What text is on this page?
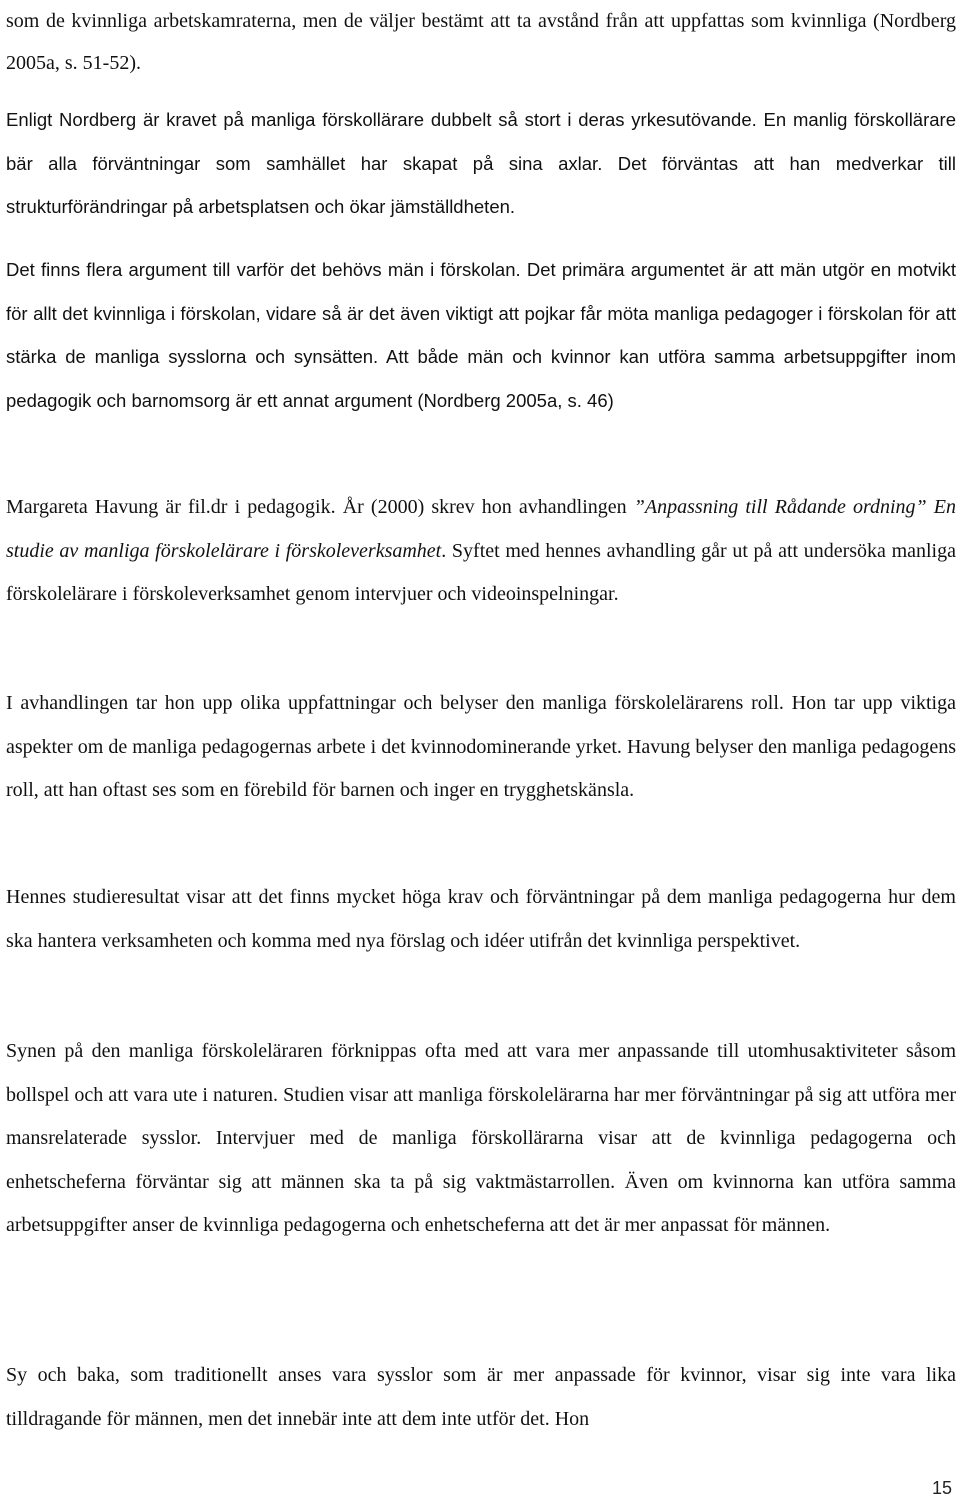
som de kvinnliga arbetskamraterna, men de väljer bestämt att ta avstånd från att uppfattas som kvinnliga (Nordberg 2005a, s. 51-52).

Enligt Nordberg är kravet på manliga förskollärare dubbelt så stort i deras yrkesutövande. En manlig förskollärare bär alla förväntningar som samhället har skapat på sina axlar. Det förväntas att han medverkar till strukturförändringar på arbetsplatsen och ökar jämställdheten.

Det finns flera argument till varför det behövs män i förskolan. Det primära argumentet är att män utgör en motvikt för allt det kvinnliga i förskolan, vidare så är det även viktigt att pojkar får möta manliga pedagoger i förskolan för att stärka de manliga sysslorna och synsätten. Att både män och kvinnor kan utföra samma arbetsuppgifter inom pedagogik och barnomsorg är ett annat argument (Nordberg 2005a, s. 46)

Margareta Havung är fil.dr i pedagogik. År (2000) skrev hon avhandlingen ”Anpassning till Rådande ordning” En studie av manliga förskolelärare i förskoleverksamhet. Syftet med hennes avhandling går ut på att undersöka manliga förskolelärare i förskoleverksamhet genom intervjuer och videoinspelningar.

I avhandlingen tar hon upp olika uppfattningar och belyser den manliga förskolelärarens roll. Hon tar upp viktiga aspekter om de manliga pedagogernas arbete i det kvinnodominerande yrket. Havung belyser den manliga pedagogens roll, att han oftast ses som en förebild för barnen och inger en trygghetskänsla.

Hennes studieresultat visar att det finns mycket höga krav och förväntningar på dem manliga pedagogerna hur dem ska hantera verksamheten och komma med nya förslag och idéer utifrån det kvinnliga perspektivet.

Synen på den manliga förskoleläraren förknippas ofta med att vara mer anpassande till utomhusaktiviteter såsom bollspel och att vara ute i naturen. Studien visar att manliga förskolelärarna har mer förväntningar på sig att utföra mer mansrelaterade sysslor. Intervjuer med de manliga förskollärarna visar att de kvinnliga pedagogerna och enhetscheferna förväntar sig att männen ska ta på sig vaktmästarrollen. Även om kvinnorna kan utföra samma arbetsuppgifter anser de kvinnliga pedagogerna och enhetscheferna att det är mer anpassat för männen.

Sy och baka, som traditionellt anses vara sysslor som är mer anpassade för kvinnor, visar sig inte vara lika tilldragande för männen, men det innebär inte att dem inte utför det. Hon

15
